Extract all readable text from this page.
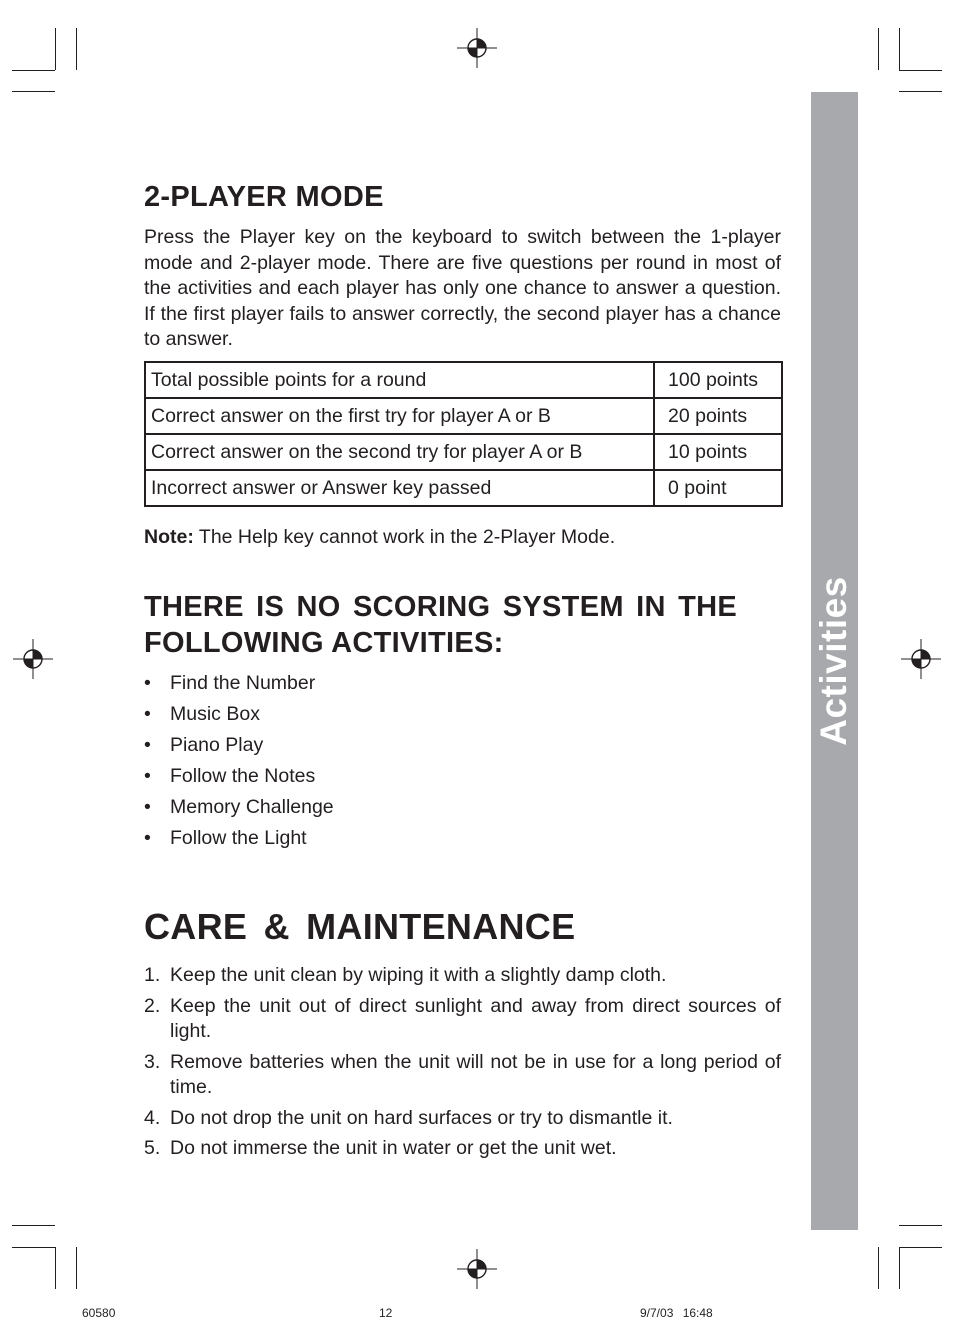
Activities
2-PLAYER MODE

Press the Player key on the keyboard to switch between the 1-player mode and 2-player mode. There are five questions per round in most of the activities and each player has only one chance to answer a question. If the first player fails to answer correctly, the second player has a chance to answer.

Total possible points for a round	100 points
Correct answer on the first try for player A or B	20 points
Correct answer on the second try for player A or B	10 points
Incorrect answer or Answer key passed	0 point
Note: The Help key cannot work in the 2-Player Mode.
THERE IS NO SCORING SYSTEM IN THE
FOLLOWING ACTIVITIES:
• Find the Number
• Music Box
• Piano Play
• Follow the Notes
• Memory Challenge
• Follow the Light
CARE & MAINTENANCE
1. Keep the unit clean by wiping it with a slightly damp cloth.
2. Keep the unit out of direct sunlight and away from direct sources of light.
3. Remove batteries when the unit will not be in use for a long period of time.
4. Do not drop the unit on hard surfaces or try to dismantle it.
5. Do not immerse the unit in water or get the unit wet.
60580	12	9/7/03 16:48
